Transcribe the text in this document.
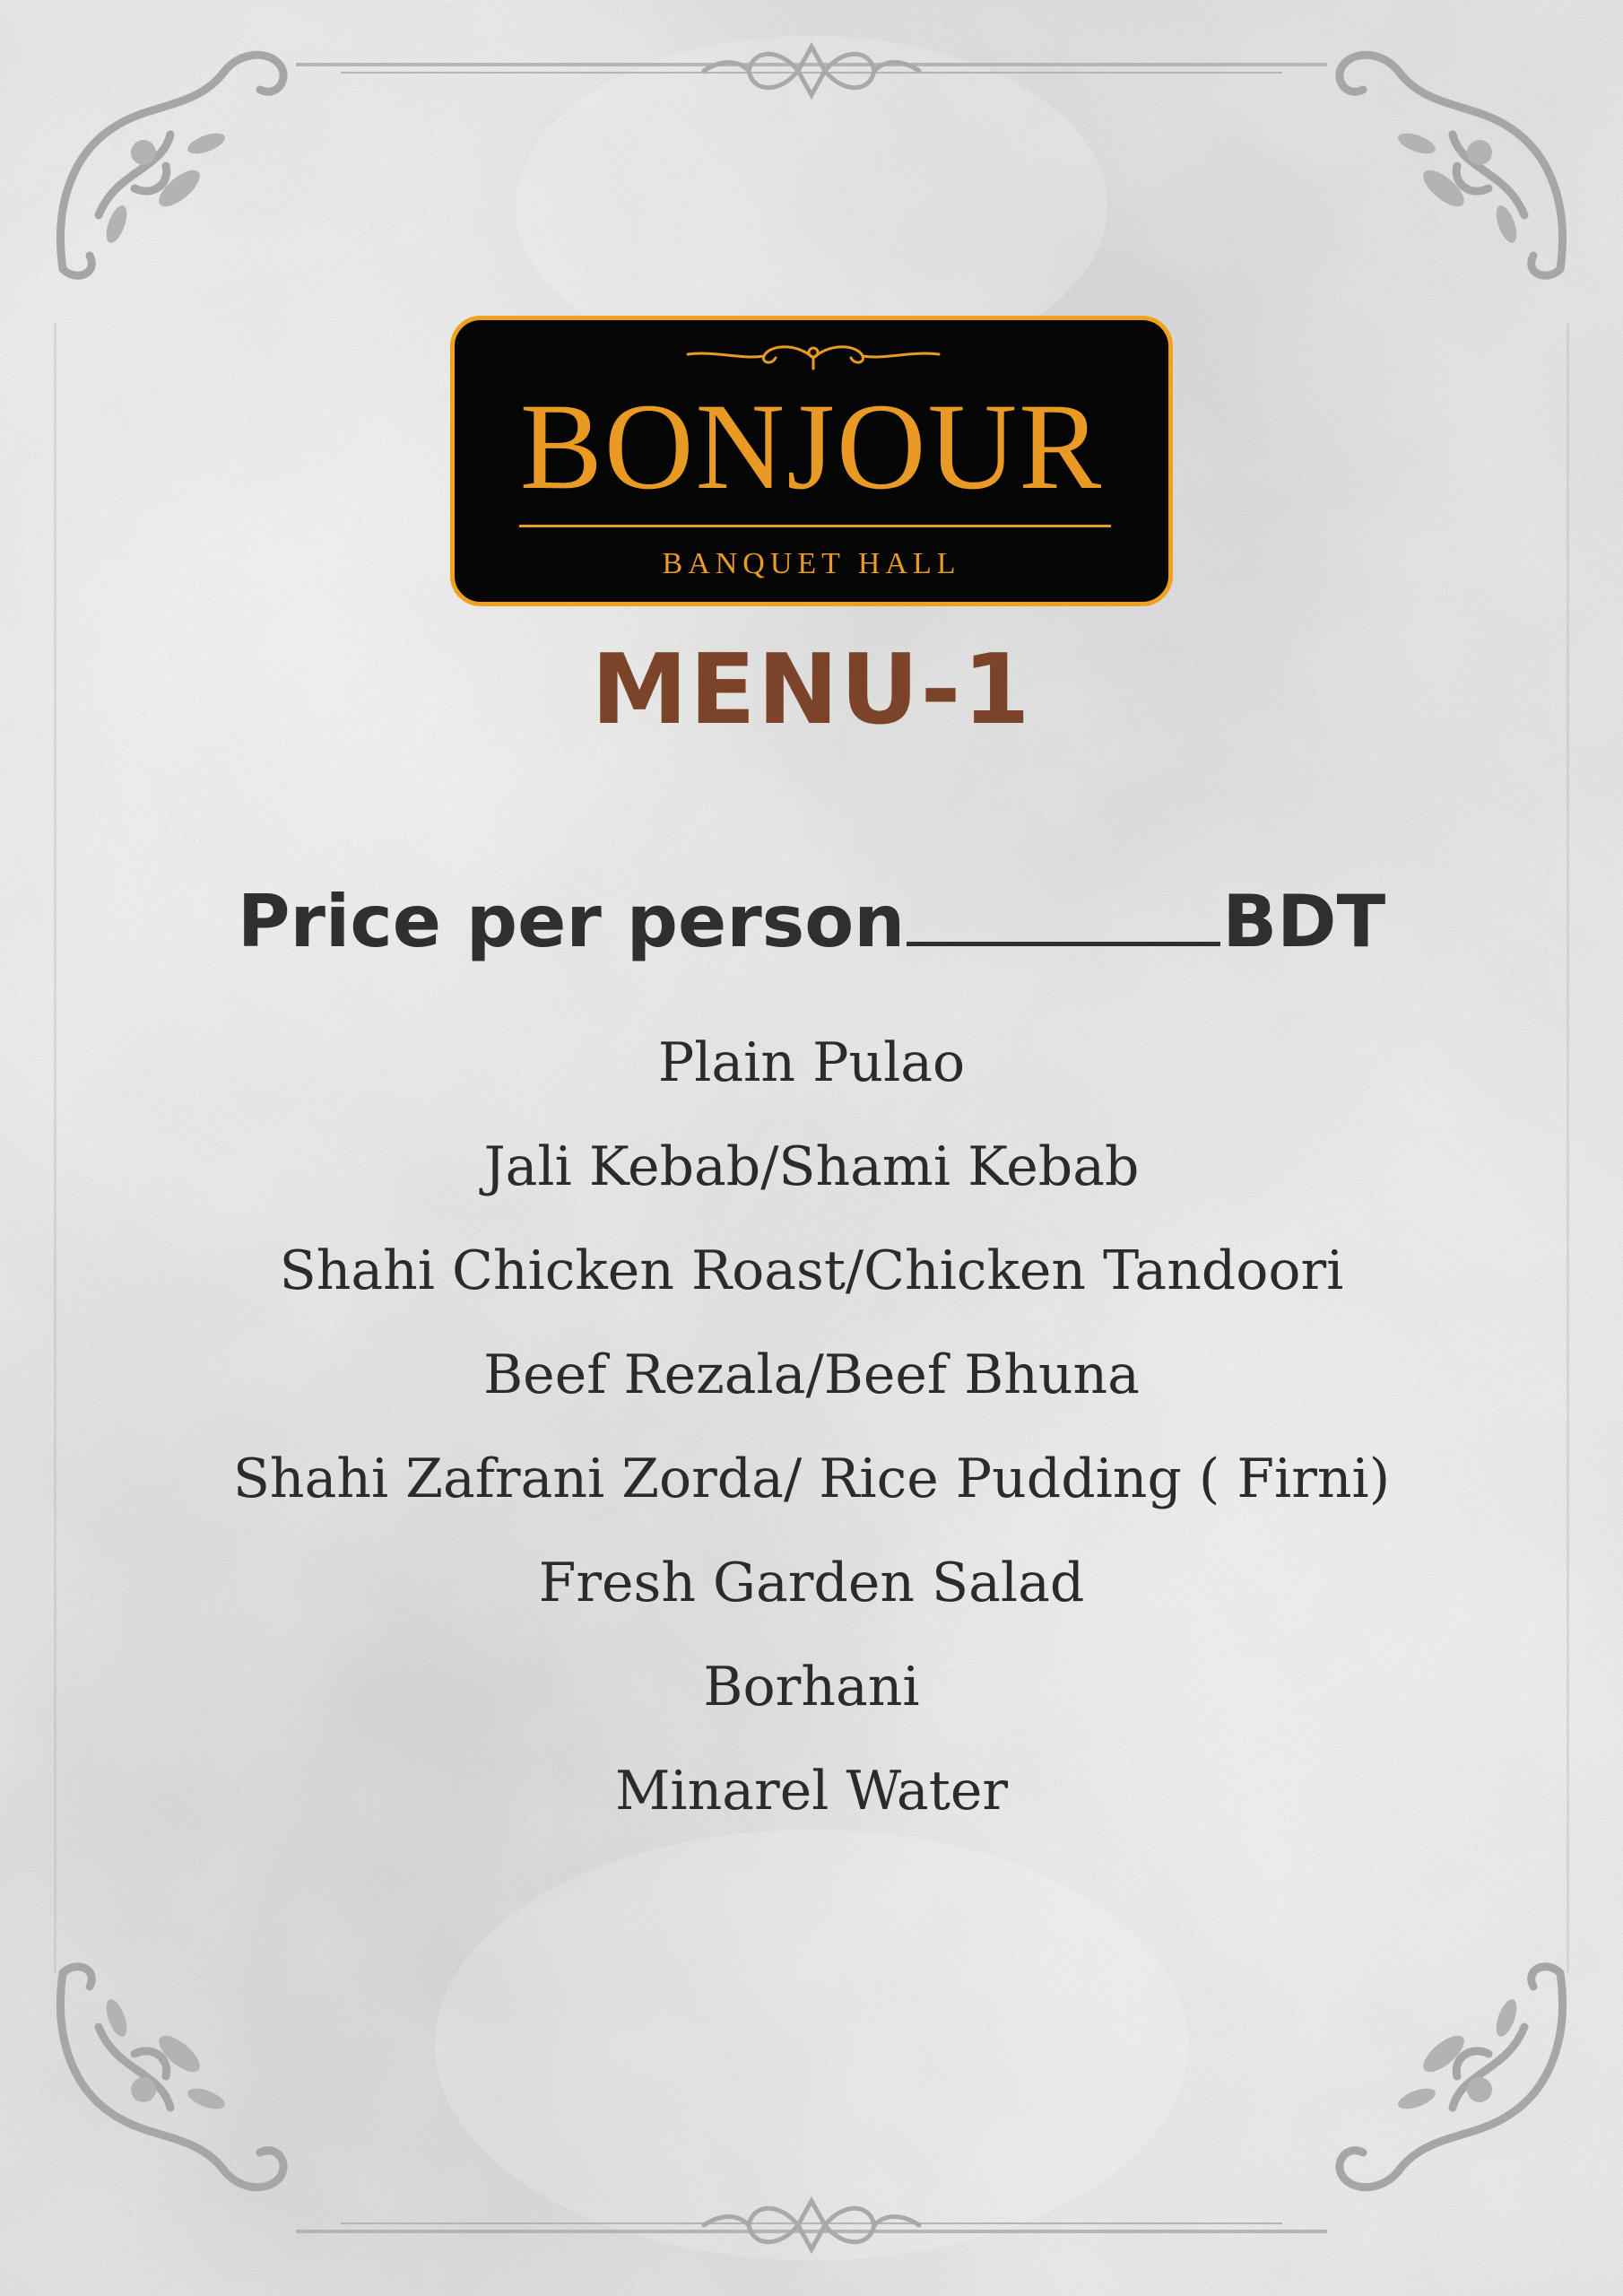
BONJOUR
BANQUET HALL
MENU-1
Price per person	BDT
Plain Pulao
Jali Kebab/Shami Kebab
Shahi Chicken Roast/Chicken Tandoori
Beef Rezala/Beef Bhuna
Shahi Zafrani Zorda/ Rice Pudding ( Firni)
Fresh Garden Salad
Borhani
Minarel Water
